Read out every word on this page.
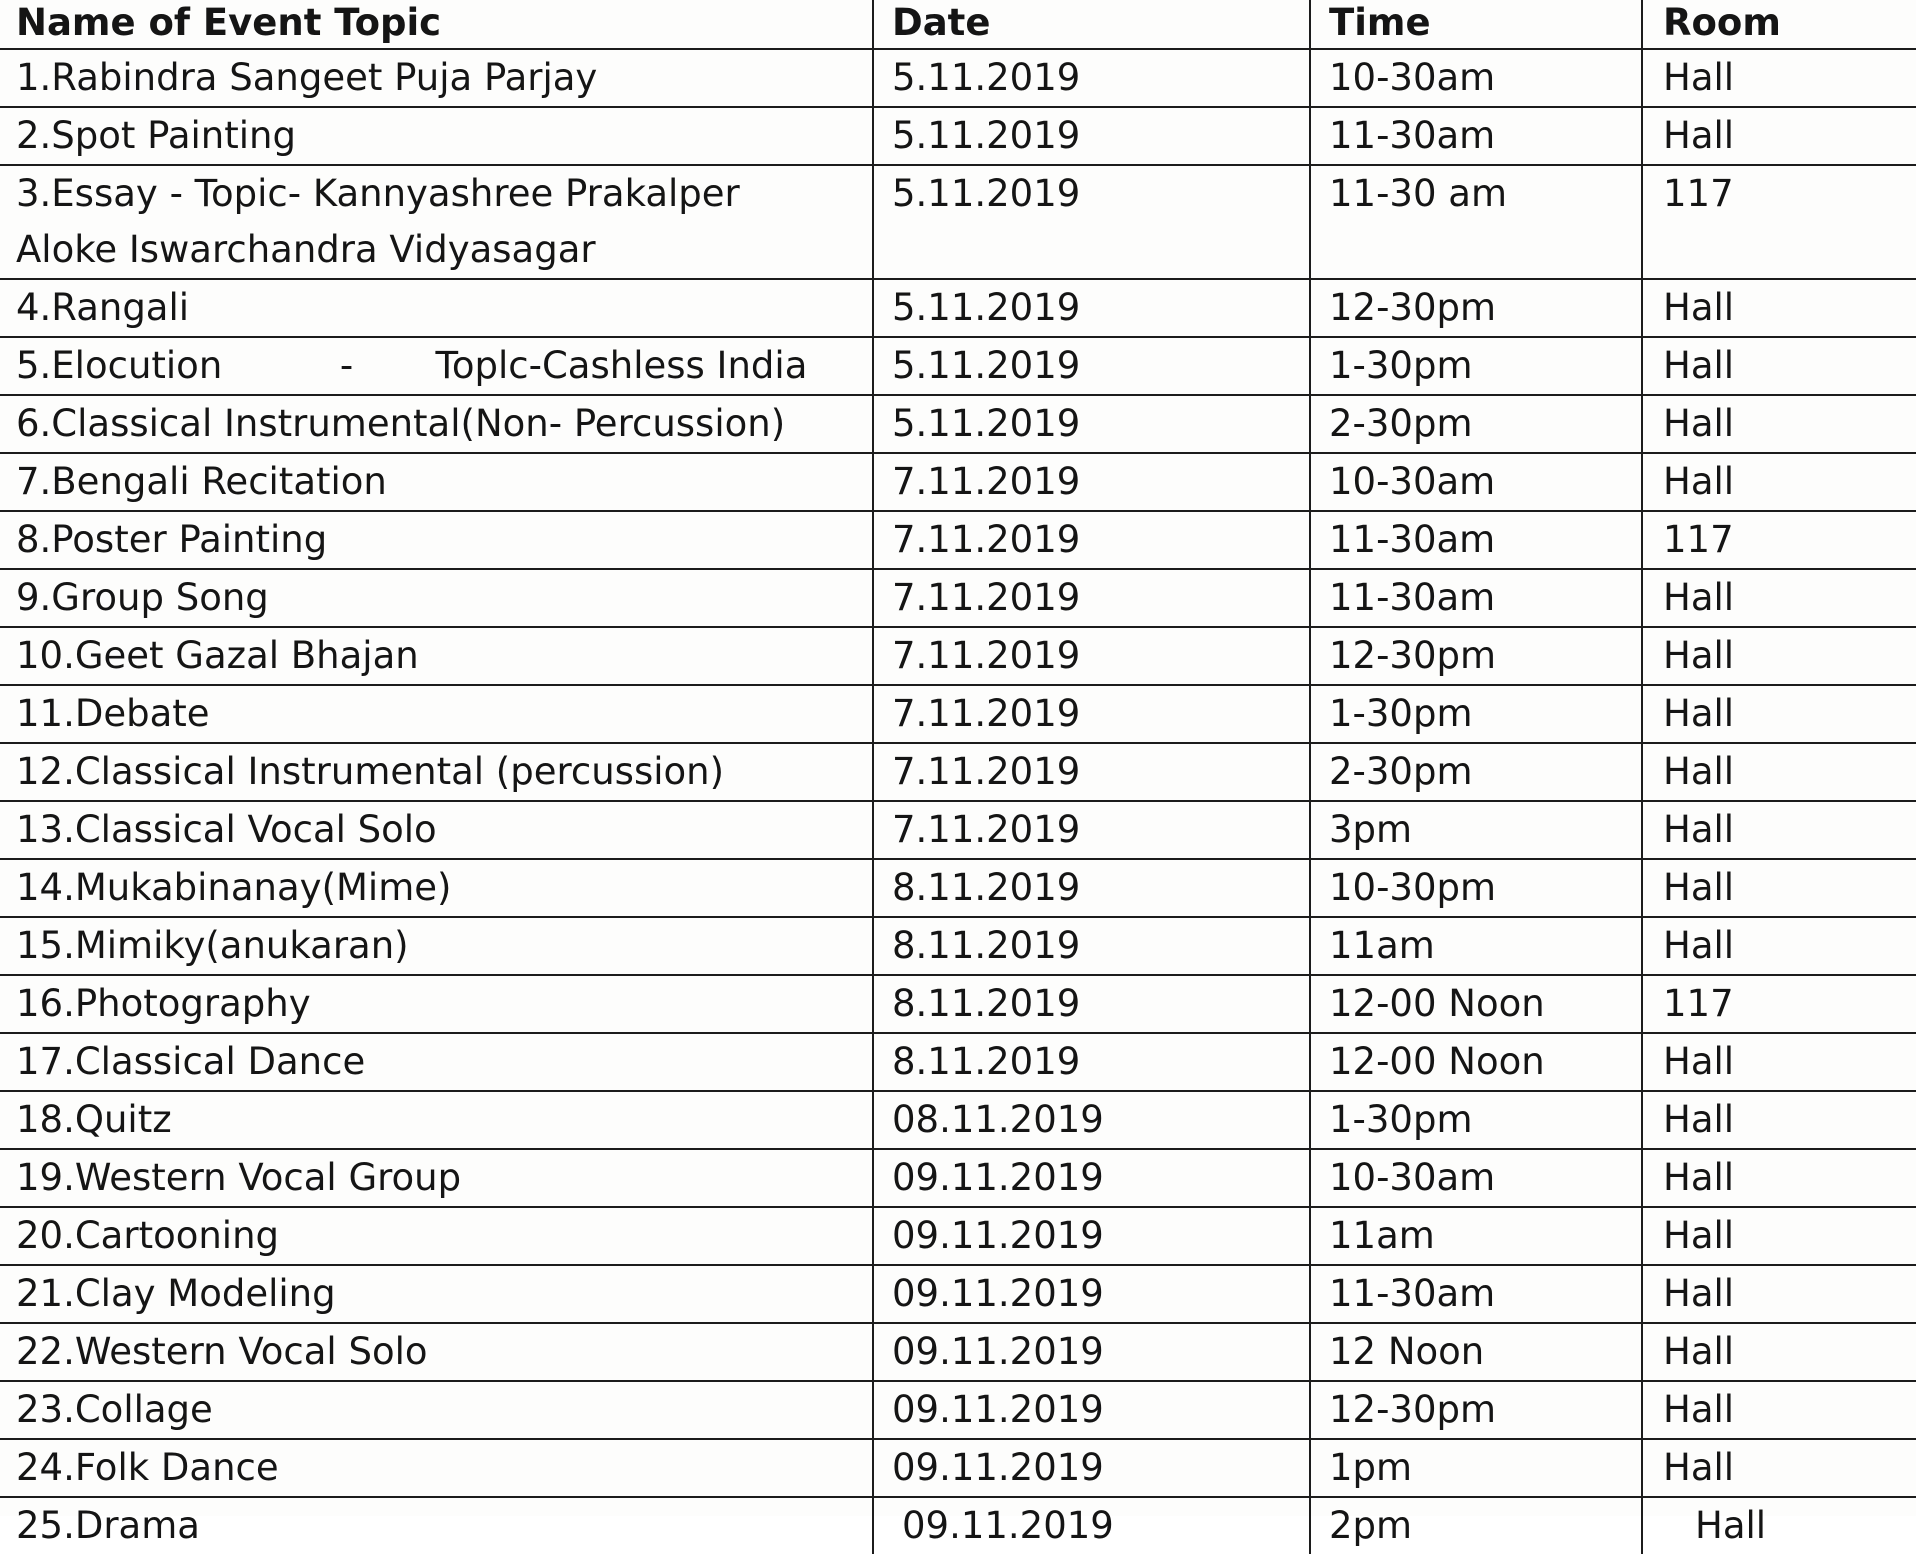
Name of Event Topic	Date	Time	Room
1.Rabindra Sangeet Puja Parjay	5.11.2019	10-30am	Hall
2.Spot Painting	5.11.2019	11-30am	Hall
3.Essay - Topic- Kannyashree Prakalper Aloke Iswarchandra Vidyasagar	5.11.2019	11-30 am	117
4.Rangali	5.11.2019	12-30pm	Hall
5.Elocution          -       Toplc-Cashless India	5.11.2019	1-30pm	Hall
6.Classical Instrumental(Non- Percussion)	5.11.2019	2-30pm	Hall
7.Bengali Recitation	7.11.2019	10-30am	Hall
8.Poster Painting	7.11.2019	11-30am	117
9.Group Song	7.11.2019	11-30am	Hall
10.Geet Gazal Bhajan	7.11.2019	12-30pm	Hall
11.Debate	7.11.2019	1-30pm	Hall
12.Classical Instrumental (percussion)	7.11.2019	2-30pm	Hall
13.Classical Vocal Solo	7.11.2019	3pm	Hall
14.Mukabinanay(Mime)	8.11.2019	10-30pm	Hall
15.Mimiky(anukaran)	8.11.2019	11am	Hall
16.Photography	8.11.2019	12-00 Noon	117
17.Classical Dance	8.11.2019	12-00 Noon	Hall
18.Quitz	08.11.2019	1-30pm	Hall
19.Western Vocal Group	09.11.2019	10-30am	Hall
20.Cartooning	09.11.2019	11am	Hall
21.Clay Modeling	09.11.2019	11-30am	Hall
22.Western Vocal Solo	09.11.2019	12 Noon	Hall
23.Collage	09.11.2019	12-30pm	Hall
24.Folk Dance	09.11.2019	1pm	Hall
25.Drama	09.11.2019	2pm	Hall
